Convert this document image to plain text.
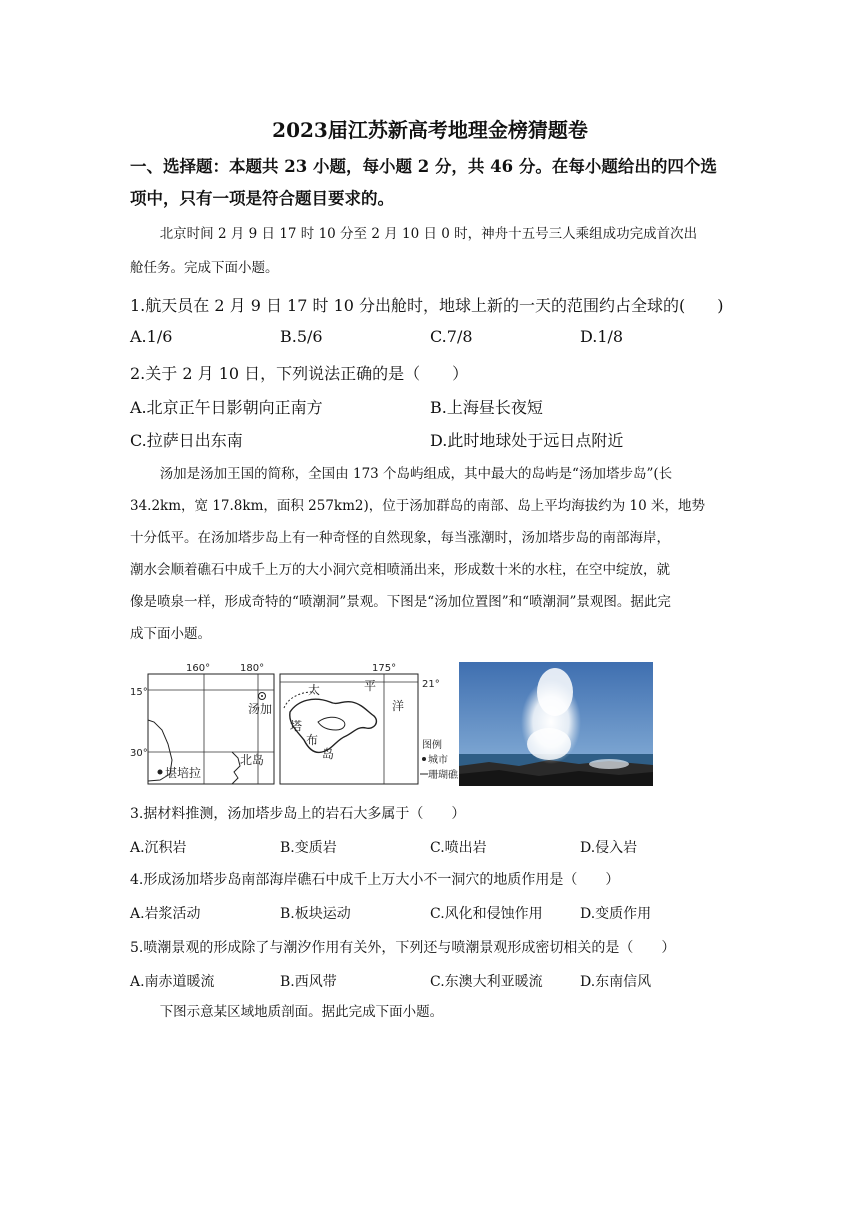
2023届江苏新高考地理金榜猜题卷
一、选择题：本题共 23 小题，每小题 2 分，共 46 分。在每小题给出的四个选
项中，只有一项是符合题目要求的。
北京时间 2 月 9 日 17 时 10 分至 2 月 10 日 0 时，神舟十五号三人乘组成功完成首次出
舱任务。完成下面小题。
1.航天员在 2 月 9 日 17 时 10 分出舱时，地球上新的一天的范围约占全球的(　　)
A.1/6	B.5/6	C.7/8	D.1/8
2.关于 2 月 10 日，下列说法正确的是（　　）
A.北京正午日影朝向正南方	B.上海昼长夜短
C.拉萨日出东南	D.此时地球处于远日点附近
汤加是汤加王国的简称，全国由 173 个岛屿组成，其中最大的岛屿是“汤加塔步岛”(长
34.2km，宽 17.8km，面积 257km2)，位于汤加群岛的南部、岛上平均海拔约为 10 米，地势
十分低平。在汤加塔步岛上有一种奇怪的自然现象，每当涨潮时，汤加塔步岛的南部海岸，
潮水会顺着礁石中成千上万的大小洞穴竞相喷涌出来，形成数十米的水柱，在空中绽放，就
像是喷泉一样，形成奇特的“喷潮洞”景观。下图是“汤加位置图”和“喷潮洞”景观图。据此完
成下面小题。
160°	180°
15°
30°
汤加
北岛
堪培拉
175°
21°
太	平
洋
塔
布
岛
图例
城市
珊瑚礁
3.据材料推测，汤加塔步岛上的岩石大多属于（　　）
A.沉积岩	B.变质岩	C.喷出岩	D.侵入岩
4.形成汤加塔步岛南部海岸礁石中成千上万大小不一洞穴的地质作用是（　　）
A.岩浆活动	B.板块运动	C.风化和侵蚀作用	D.变质作用
5.喷潮景观的形成除了与潮汐作用有关外，下列还与喷潮景观形成密切相关的是（　　）
A.南赤道暖流	B.西风带	C.东澳大利亚暖流	D.东南信风
下图示意某区域地质剖面。据此完成下面小题。
